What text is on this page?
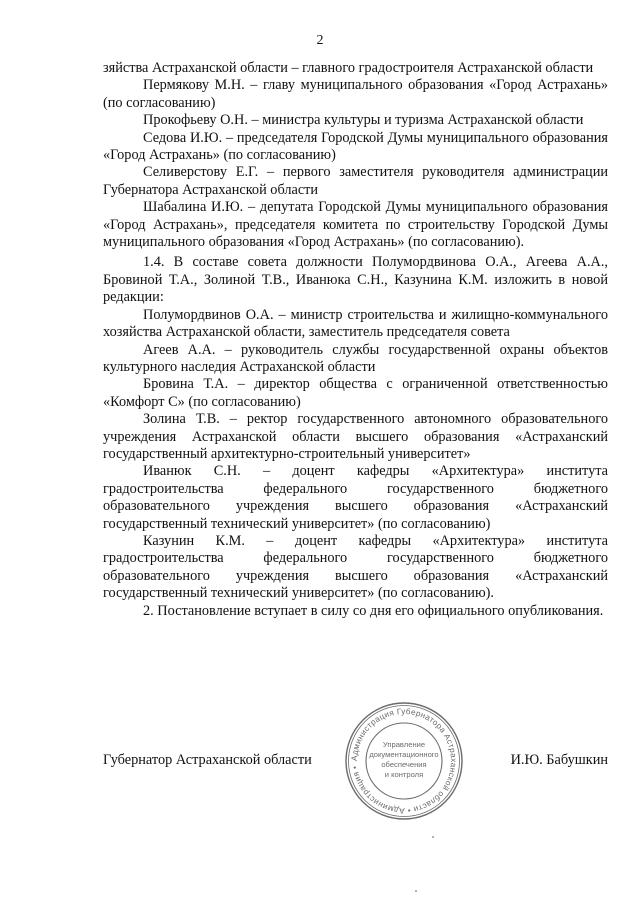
2

зяйства Астраханской области – главного градостроителя Астраханской области

Пермякову М.Н. – главу муниципального образования «Город Астрахань» (по согласованию)

Прокофьеву О.Н. – министра культуры и туризма Астраханской области

Седова И.Ю. – председателя Городской Думы муниципального образования «Город Астрахань» (по согласованию)

Селиверстову Е.Г. – первого заместителя руководителя администрации Губернатора Астраханской области

Шабалина И.Ю. – депутата Городской Думы муниципального образования «Город Астрахань», председателя комитета по строительству Городской Думы муниципального образования «Город Астрахань» (по согласованию).

1.4. В составе совета должности Полумордвинова О.А., Агеева А.А., Бровиной Т.А., Золиной Т.В., Иванюка С.Н., Казунина К.М. изложить в новой редакции:

Полумордвинов О.А. – министр строительства и жилищно-коммунального хозяйства Астраханской области, заместитель председателя совета

Агеев А.А. – руководитель службы государственной охраны объектов культурного наследия Астраханской области

Бровина Т.А. – директор общества с ограниченной ответственностью «Комфорт С» (по согласованию)

Золина Т.В. – ректор государственного автономного образовательного учреждения Астраханской области высшего образования «Астраханский государственный архитектурно-строительный университет»

Иванюк С.Н. – доцент кафедры «Архитектура» института градостроительства федерального государственного бюджетного образовательного учреждения высшего образования «Астраханский государственный технический университет» (по согласованию)

Казунин К.М. – доцент кафедры «Архитектура» института градостроительства федерального государственного бюджетного образовательного учреждения высшего образования «Астраханский государственный технический университет» (по согласованию).

2. Постановление вступает в силу со дня его официального опубликования.

Губернатор Астраханской области	И.Ю. Бабушкин
Администрация Губернатора Астраханской области • Администрация •
Управление
документационного
обеспечения
и контроля
